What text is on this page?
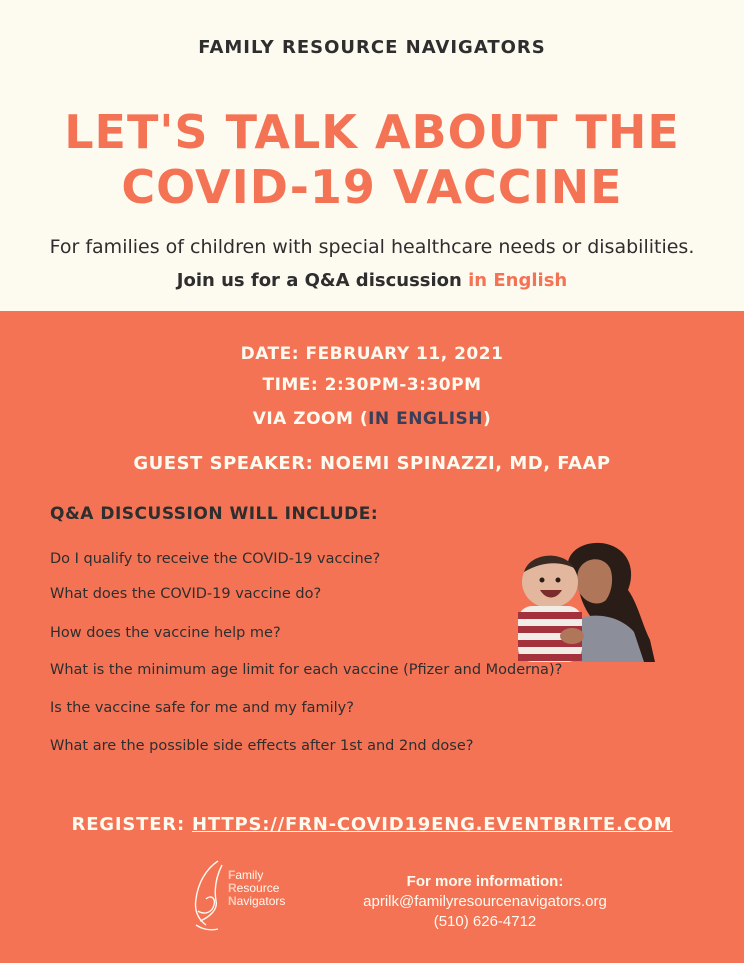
FAMILY RESOURCE NAVIGATORS
LET'S TALK ABOUT THE
COVID-19 VACCINE
For families of children with special healthcare needs or disabilities.
Join us for a Q&A discussion in English
DATE: FEBRUARY 11, 2021
TIME: 2:30PM-3:30PM
VIA ZOOM (IN ENGLISH)
GUEST SPEAKER: NOEMI SPINAZZI, MD, FAAP
Q&A DISCUSSION WILL INCLUDE:
Do I qualify to receive the COVID-19 vaccine?
What does the COVID-19 vaccine do?
How does the vaccine help me?
What is the minimum age limit for each vaccine (Pfizer and Moderna)?
Is the vaccine safe for me and my family?
What are the possible side effects after 1st and 2nd dose?
REGISTER: HTTPS://FRN-COVID19ENG.EVENTBRITE.COM
Family
Resource
Navigators
For more information:
aprilk@familyresourcenavigators.org
(510) 626-4712
